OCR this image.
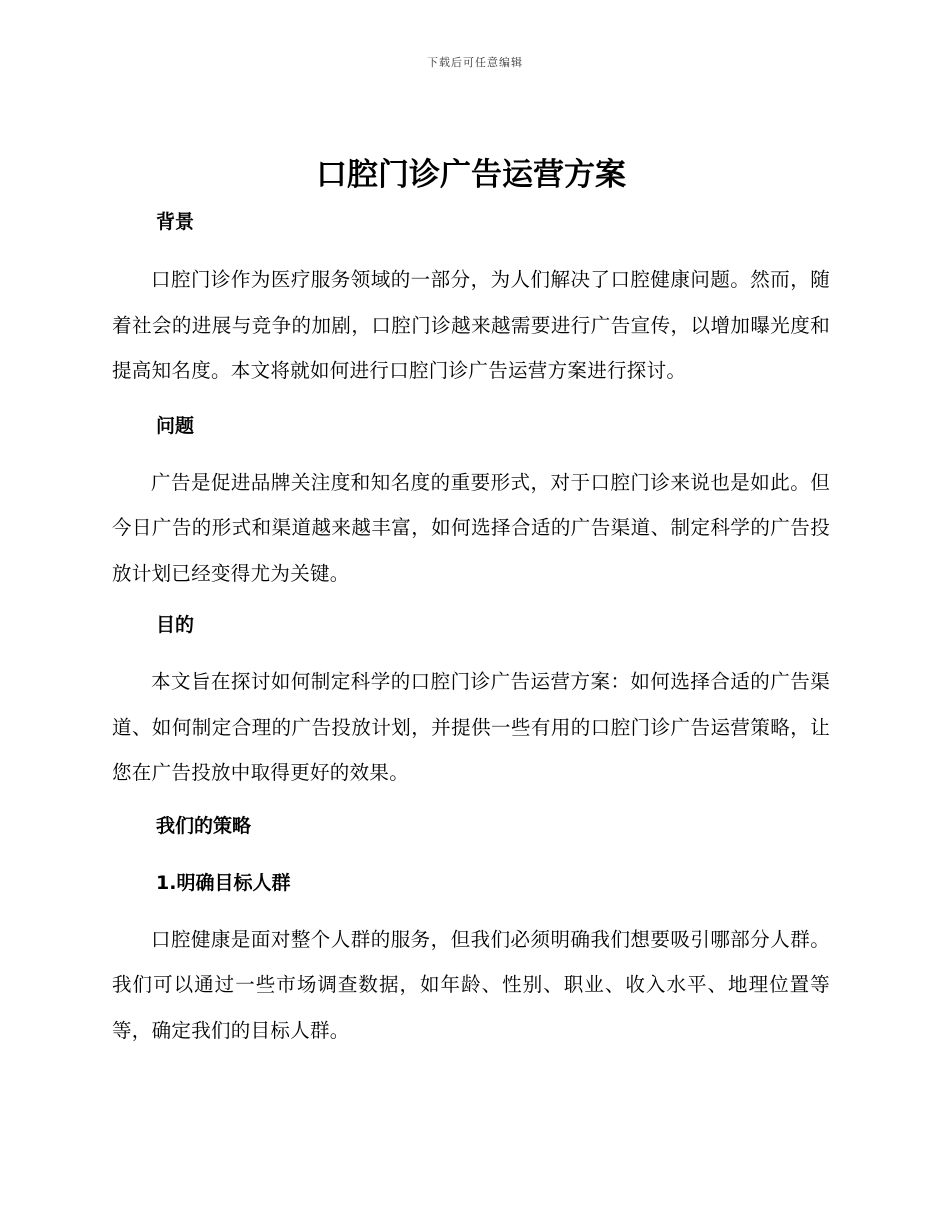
下载后可任意编辑
口腔门诊广告运营方案
背景

口腔门诊作为医疗服务领域的一部分，为人们解决了口腔健康问题。然而，随着社会的进展与竞争的加剧，口腔门诊越来越需要进行广告宣传，以增加曝光度和提高知名度。本文将就如何进行口腔门诊广告运营方案进行探讨。

问题

广告是促进品牌关注度和知名度的重要形式，对于口腔门诊来说也是如此。但今日广告的形式和渠道越来越丰富，如何选择合适的广告渠道、制定科学的广告投放计划已经变得尤为关键。

目的

本文旨在探讨如何制定科学的口腔门诊广告运营方案：如何选择合适的广告渠道、如何制定合理的广告投放计划，并提供一些有用的口腔门诊广告运营策略，让您在广告投放中取得更好的效果。

我们的策略
1.明确目标人群

口腔健康是面对整个人群的服务，但我们必须明确我们想要吸引哪部分人群。我们可以通过一些市场调查数据，如年龄、性别、职业、收入水平、地理位置等等，确定我们的目标人群。
